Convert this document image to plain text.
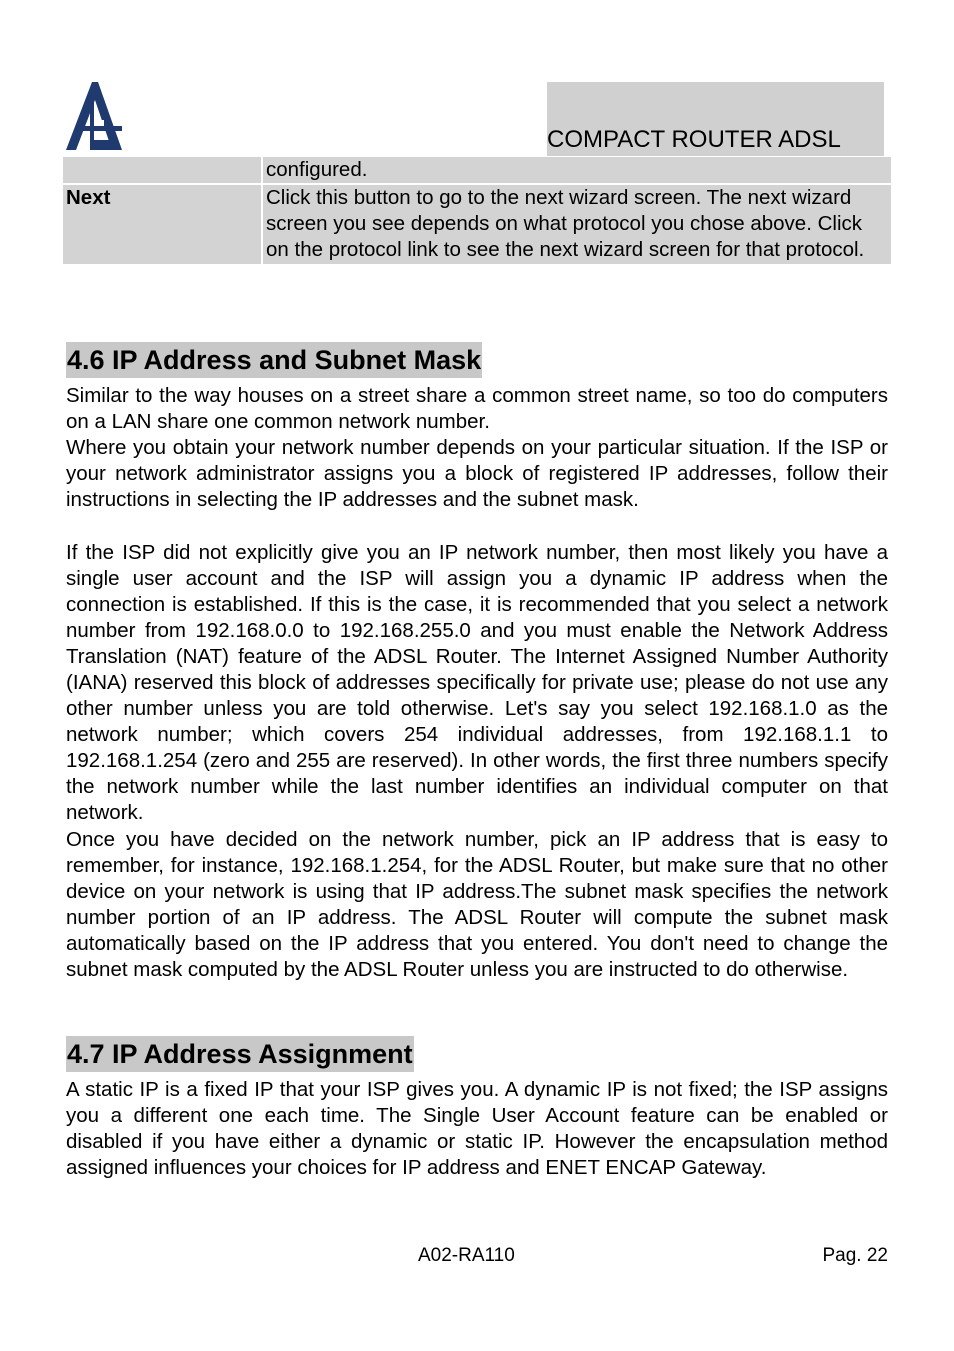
COMPACT ROUTER ADSL
	configured.
Next	Click this button to go to the next wizard screen. The next wizard screen you see depends on what protocol you chose above. Click on the protocol link to see the next wizard screen for that protocol.
4.6 IP Address and Subnet Mask

Similar to the way houses on a street share a common street name, so too do computers on a LAN share one common network number.

Where you obtain your network number depends on your particular situation. If the ISP or your network administrator assigns you a block of registered IP addresses, follow their instructions in selecting the IP addresses and the subnet mask.

If the ISP did not explicitly give you an IP network number, then most likely you have a single user account and the ISP will assign you a dynamic IP address when the connection is established. If this is the case, it is recommended that you select a network number from 192.168.0.0 to 192.168.255.0 and you must enable the Network Address Translation (NAT) feature of the ADSL Router. The Internet Assigned Number Authority (IANA) reserved this block of addresses specifically for private use; please do not use any other number unless you are told otherwise. Let's say you select 192.168.1.0 as the network number; which covers 254 individual addresses, from 192.168.1.1 to 192.168.1.254 (zero and 255 are reserved). In other words, the first three numbers specify the network number while the last number identifies an individual computer on that network.

Once you have decided on the network number, pick an IP address that is easy to remember, for instance, 192.168.1.254, for the ADSL Router, but make sure that no other device on your network is using that IP address.The subnet mask specifies the network number portion of an IP address. The ADSL Router will compute the subnet mask automatically based on the IP address that you entered. You don't need to change the subnet mask computed by the ADSL Router unless you are instructed to do otherwise.

4.7 IP Address Assignment

A static IP is a fixed IP that your ISP gives you. A dynamic IP is not fixed; the ISP assigns you a different one each time. The Single User Account feature can be enabled or disabled if you have either a dynamic or static IP. However the encapsulation method assigned influences your choices for IP address and ENET ENCAP Gateway.

A02-RA110	Pag. 22
